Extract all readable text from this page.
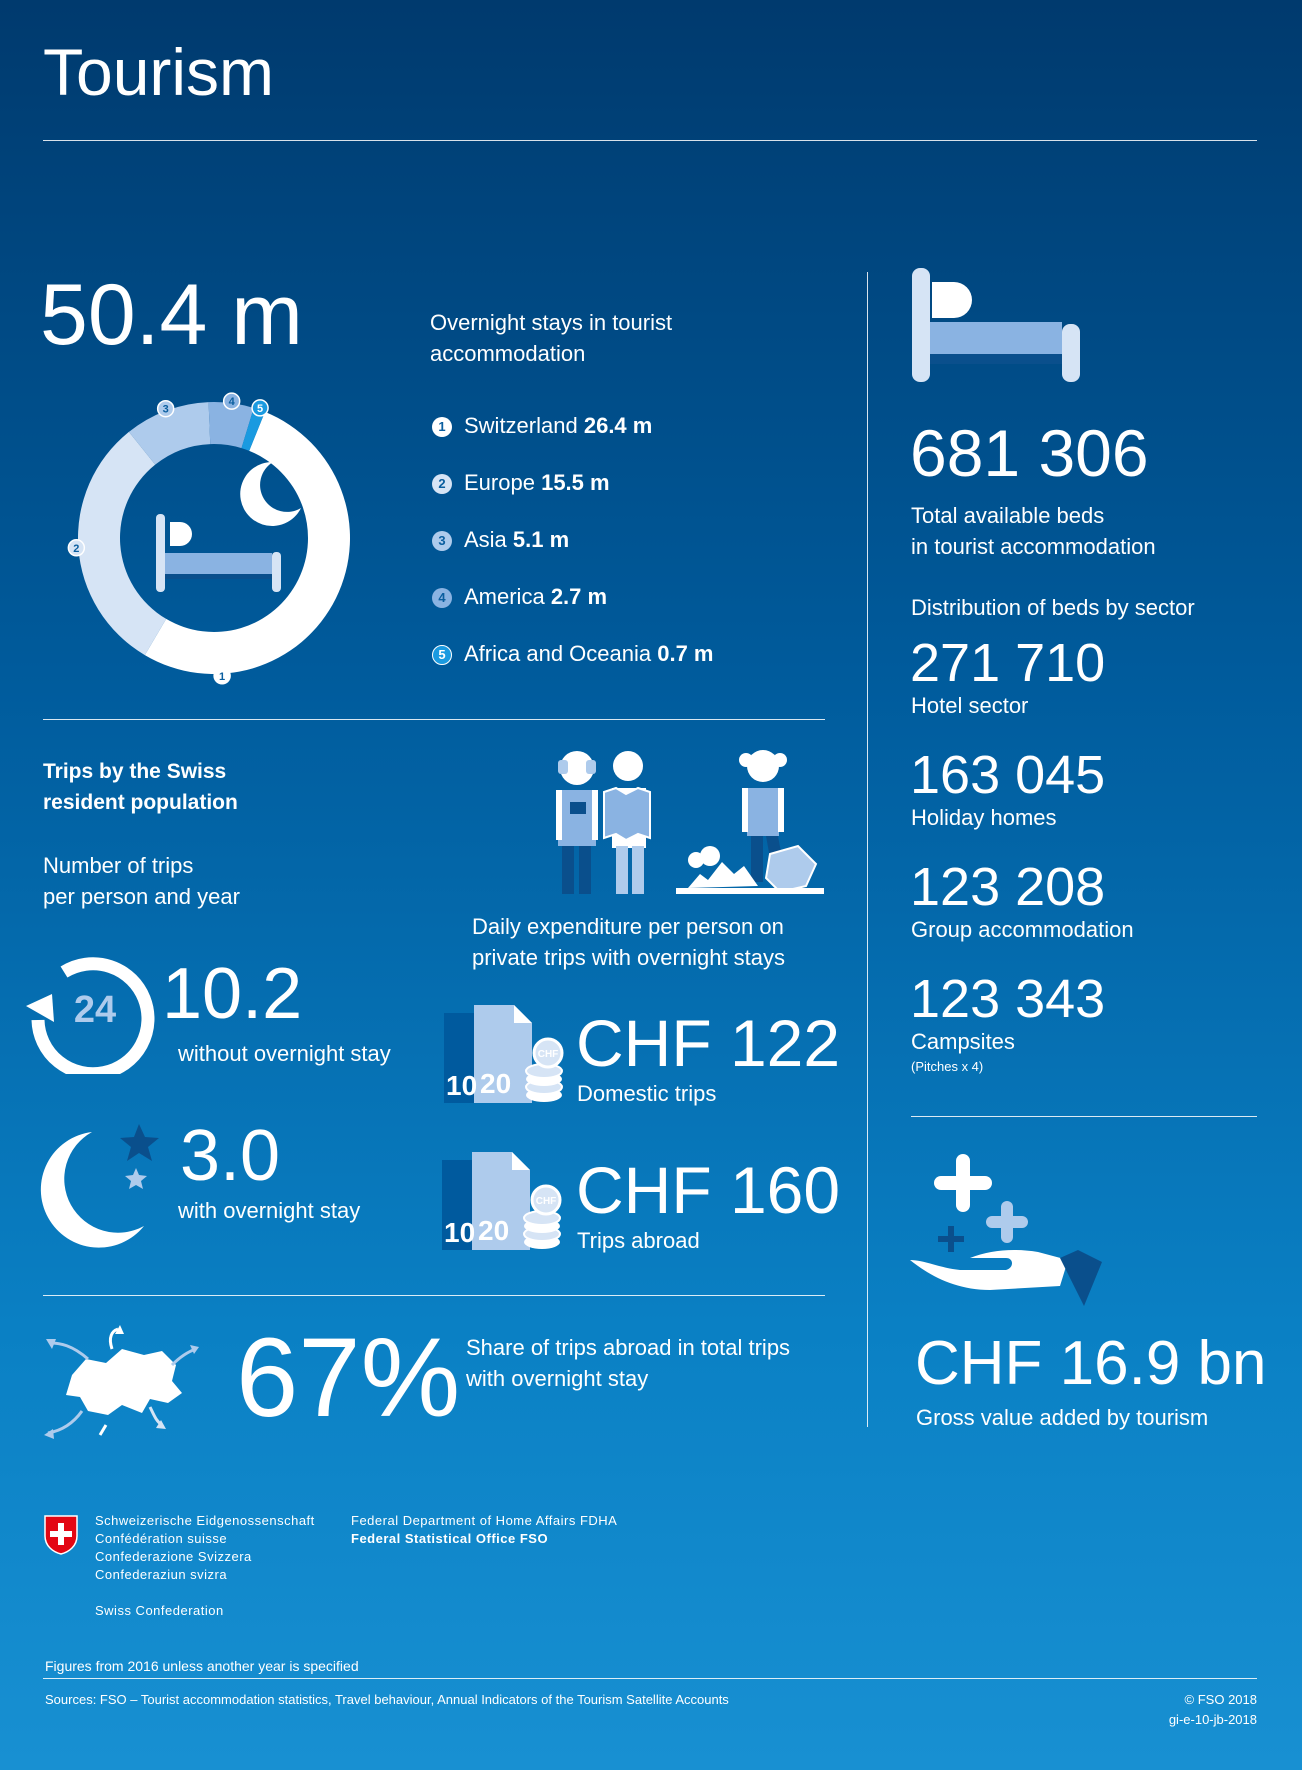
Tourism
50.4 m
1
2
3
4
5
Overnight stays in tourist
accommodation
1 Switzerland 26.4 m
2 Europe 15.5 m
3 Asia 5.1 m
4 America 2.7 m
5 Africa and Oceania 0.7 m
Trips by the Swiss
resident population
Number of trips
per person and year
24 10.2
without overnight stay
3.0
with overnight stay
Daily expenditure per person on
private trips with overnight stays
10 20
CHF CHF 122
Domestic trips
10 20
CHF CHF 160
Trips abroad
67% Share of trips abroad in total trips
with overnight stay
681 306
Total available beds
in tourist accommodation
Distribution of beds by sector
271 710
Hotel sector
163 045
Holiday homes
123 208
Group accommodation
123 343
Campsites
(Pitches x 4)
CHF 16.9 bn
Gross value added by tourism
Schweizerische Eidgenossenschaft
Confédération suisse
Confederazione Svizzera
Confederaziun svizra
Swiss Confederation
Federal Department of Home Affairs FDHA
Federal Statistical Office FSO
Figures from 2016 unless another year is specified
Sources: FSO – Tourist accommodation statistics, Travel behaviour, Annual Indicators of the Tourism Satellite Accounts	© FSO 2018
gi-e-10-jb-2018
